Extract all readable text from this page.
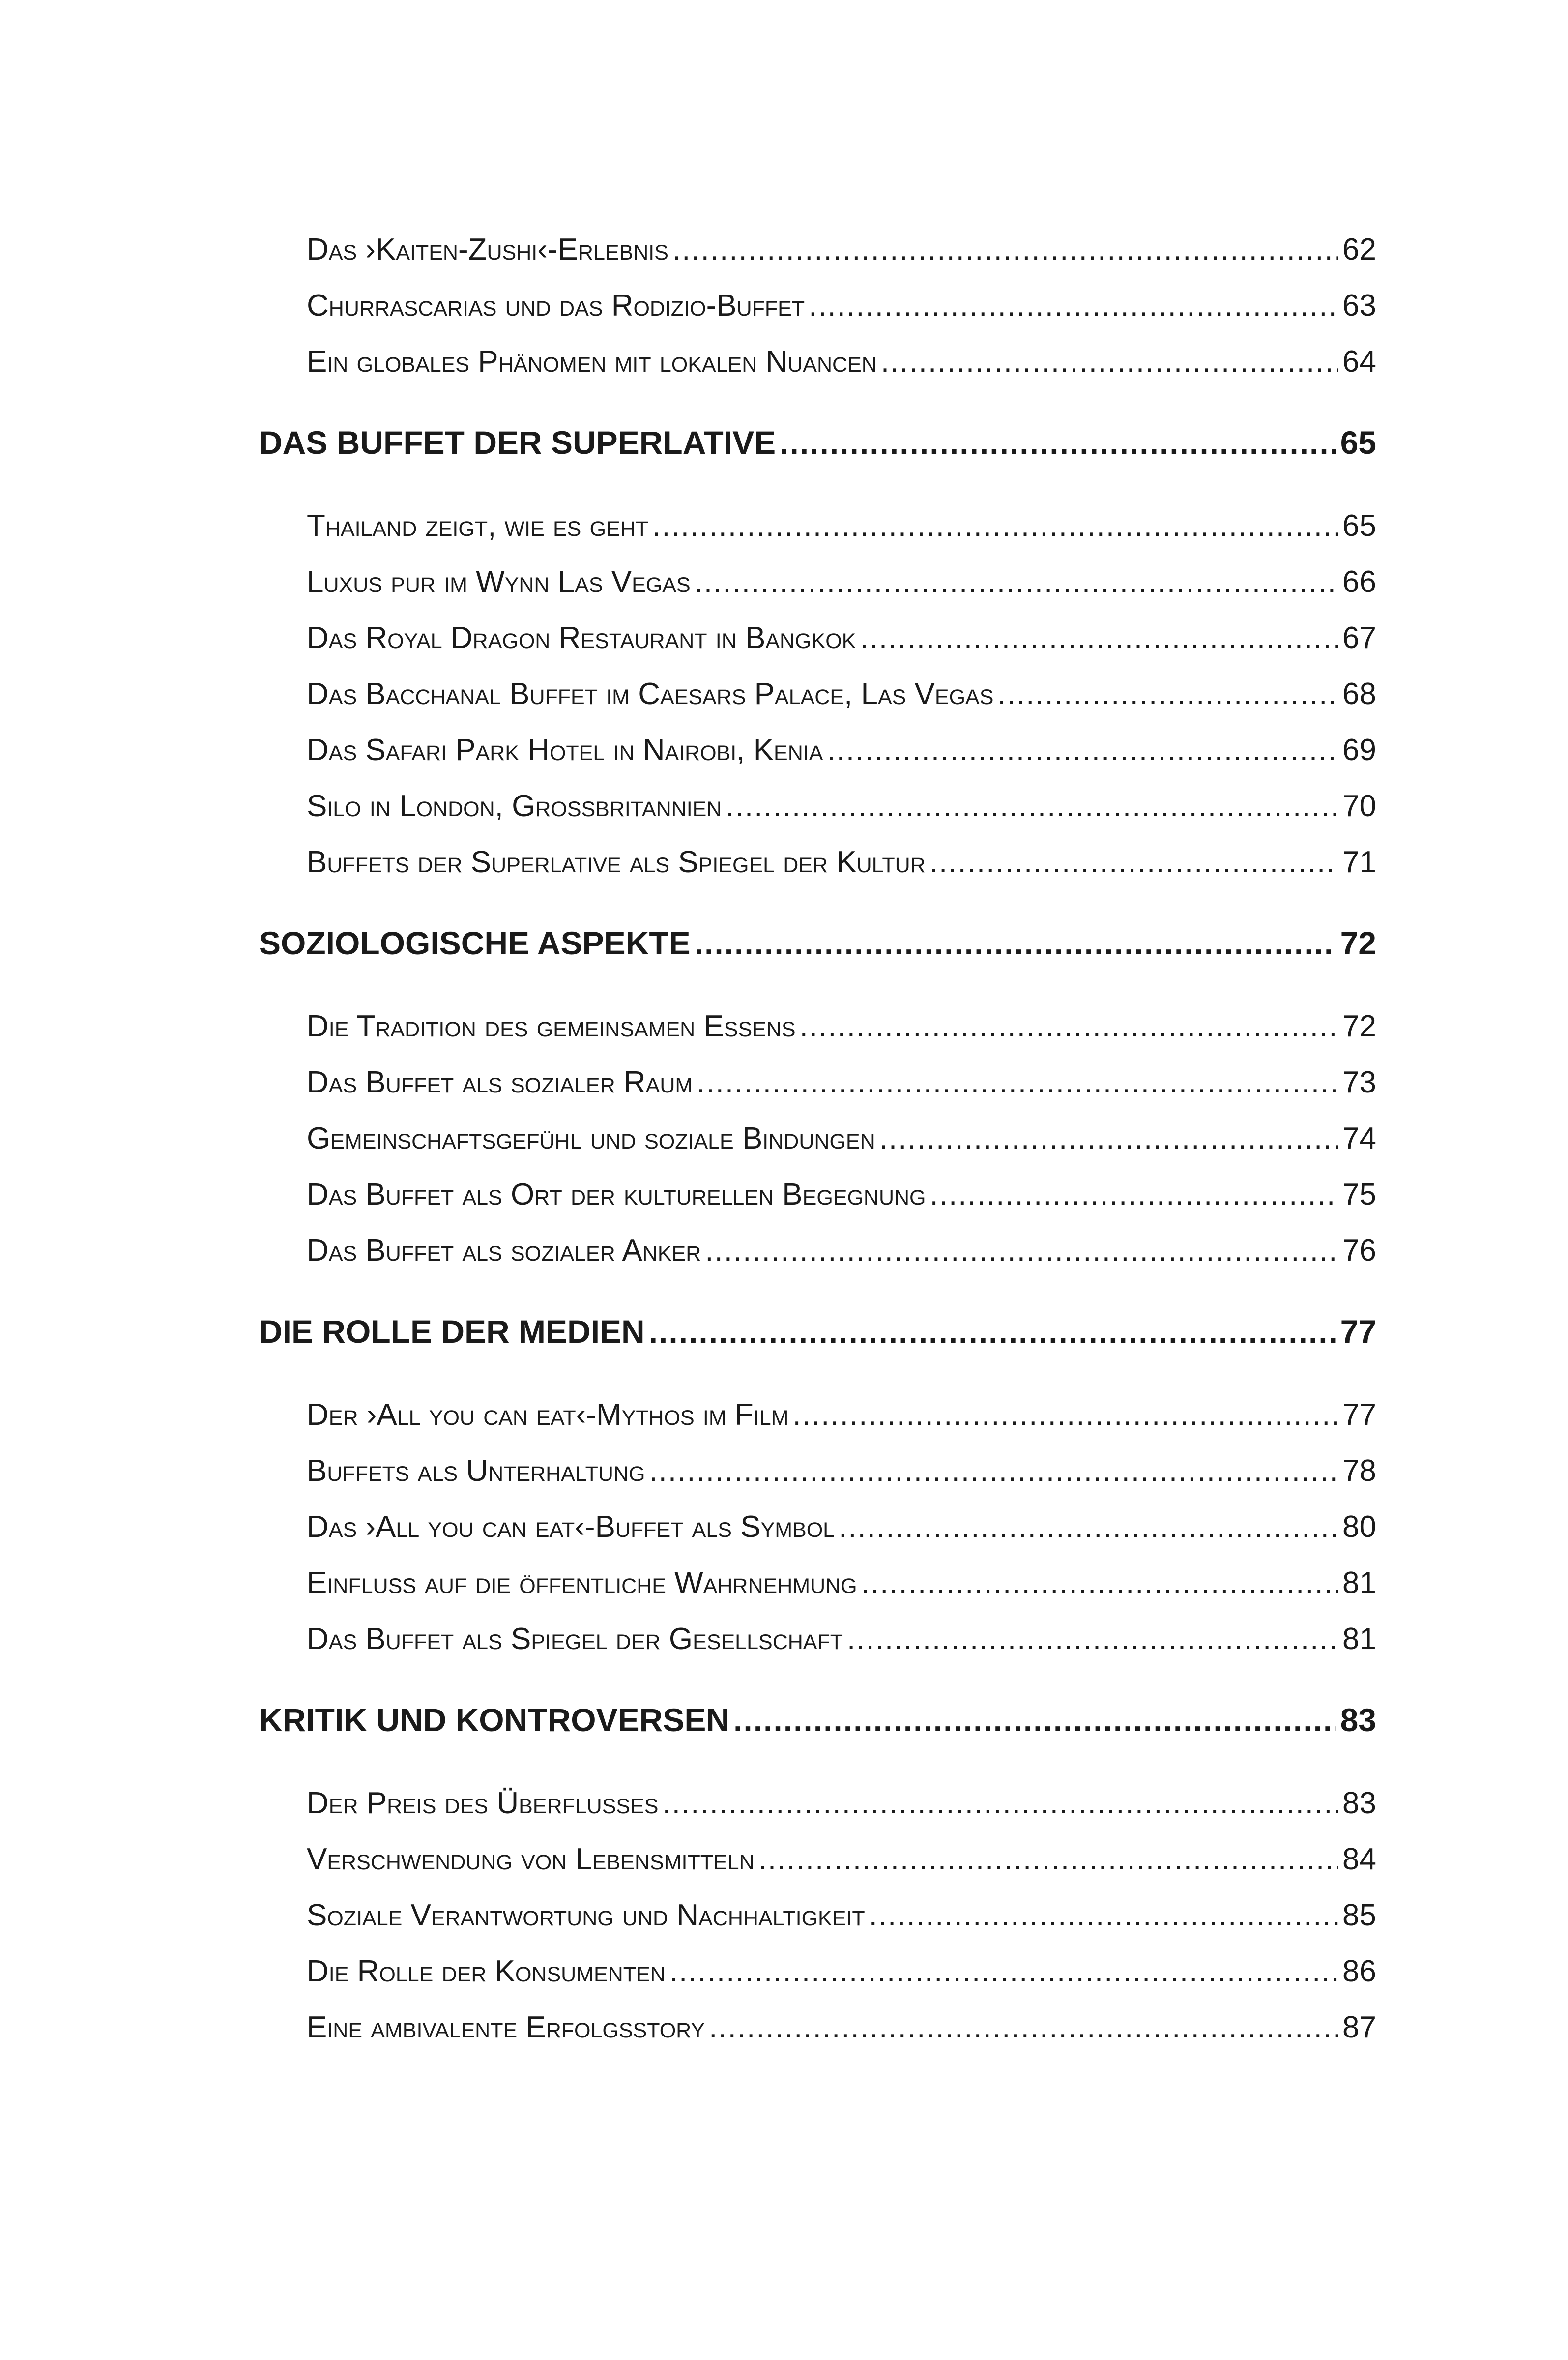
Das ›Kaiten-Zushi‹-Erlebnis .....	62
Churrascarias und das Rodizio-Buffet .....	63
Ein globales Phänomen mit lokalen Nuancen .....	64
DAS BUFFET DER SUPERLATIVE .....	65
Thailand zeigt, wie es geht .....	65
Luxus pur im Wynn Las Vegas .....	66
Das Royal Dragon Restaurant in Bangkok .....	67
Das Bacchanal Buffet im Caesars Palace, Las Vegas .....	68
Das Safari Park Hotel in Nairobi, Kenia .....	69
Silo in London, Großbritannien .....	70
Buffets der Superlative als Spiegel der Kultur .....	71
SOZIOLOGISCHE ASPEKTE .....	72
Die Tradition des gemeinsamen Essens .....	72
Das Buffet als sozialer Raum .....	73
Gemeinschaftsgefühl und soziale Bindungen .....	74
Das Buffet als Ort der kulturellen Begegnung .....	75
Das Buffet als sozialer Anker .....	76
DIE ROLLE DER MEDIEN .....	77
Der ›All you can eat‹-Mythos im Film .....	77
Buffets als Unterhaltung .....	78
Das ›All you can eat‹-Buffet als Symbol .....	80
Einfluss auf die öffentliche Wahrnehmung .....	81
Das Buffet als Spiegel der Gesellschaft .....	81
KRITIK UND KONTROVERSEN .....	83
Der Preis des Überflusses .....	83
Verschwendung von Lebensmitteln .....	84
Soziale Verantwortung und Nachhaltigkeit .....	85
Die Rolle der Konsumenten .....	86
Eine ambivalente Erfolgsstory .....	87
